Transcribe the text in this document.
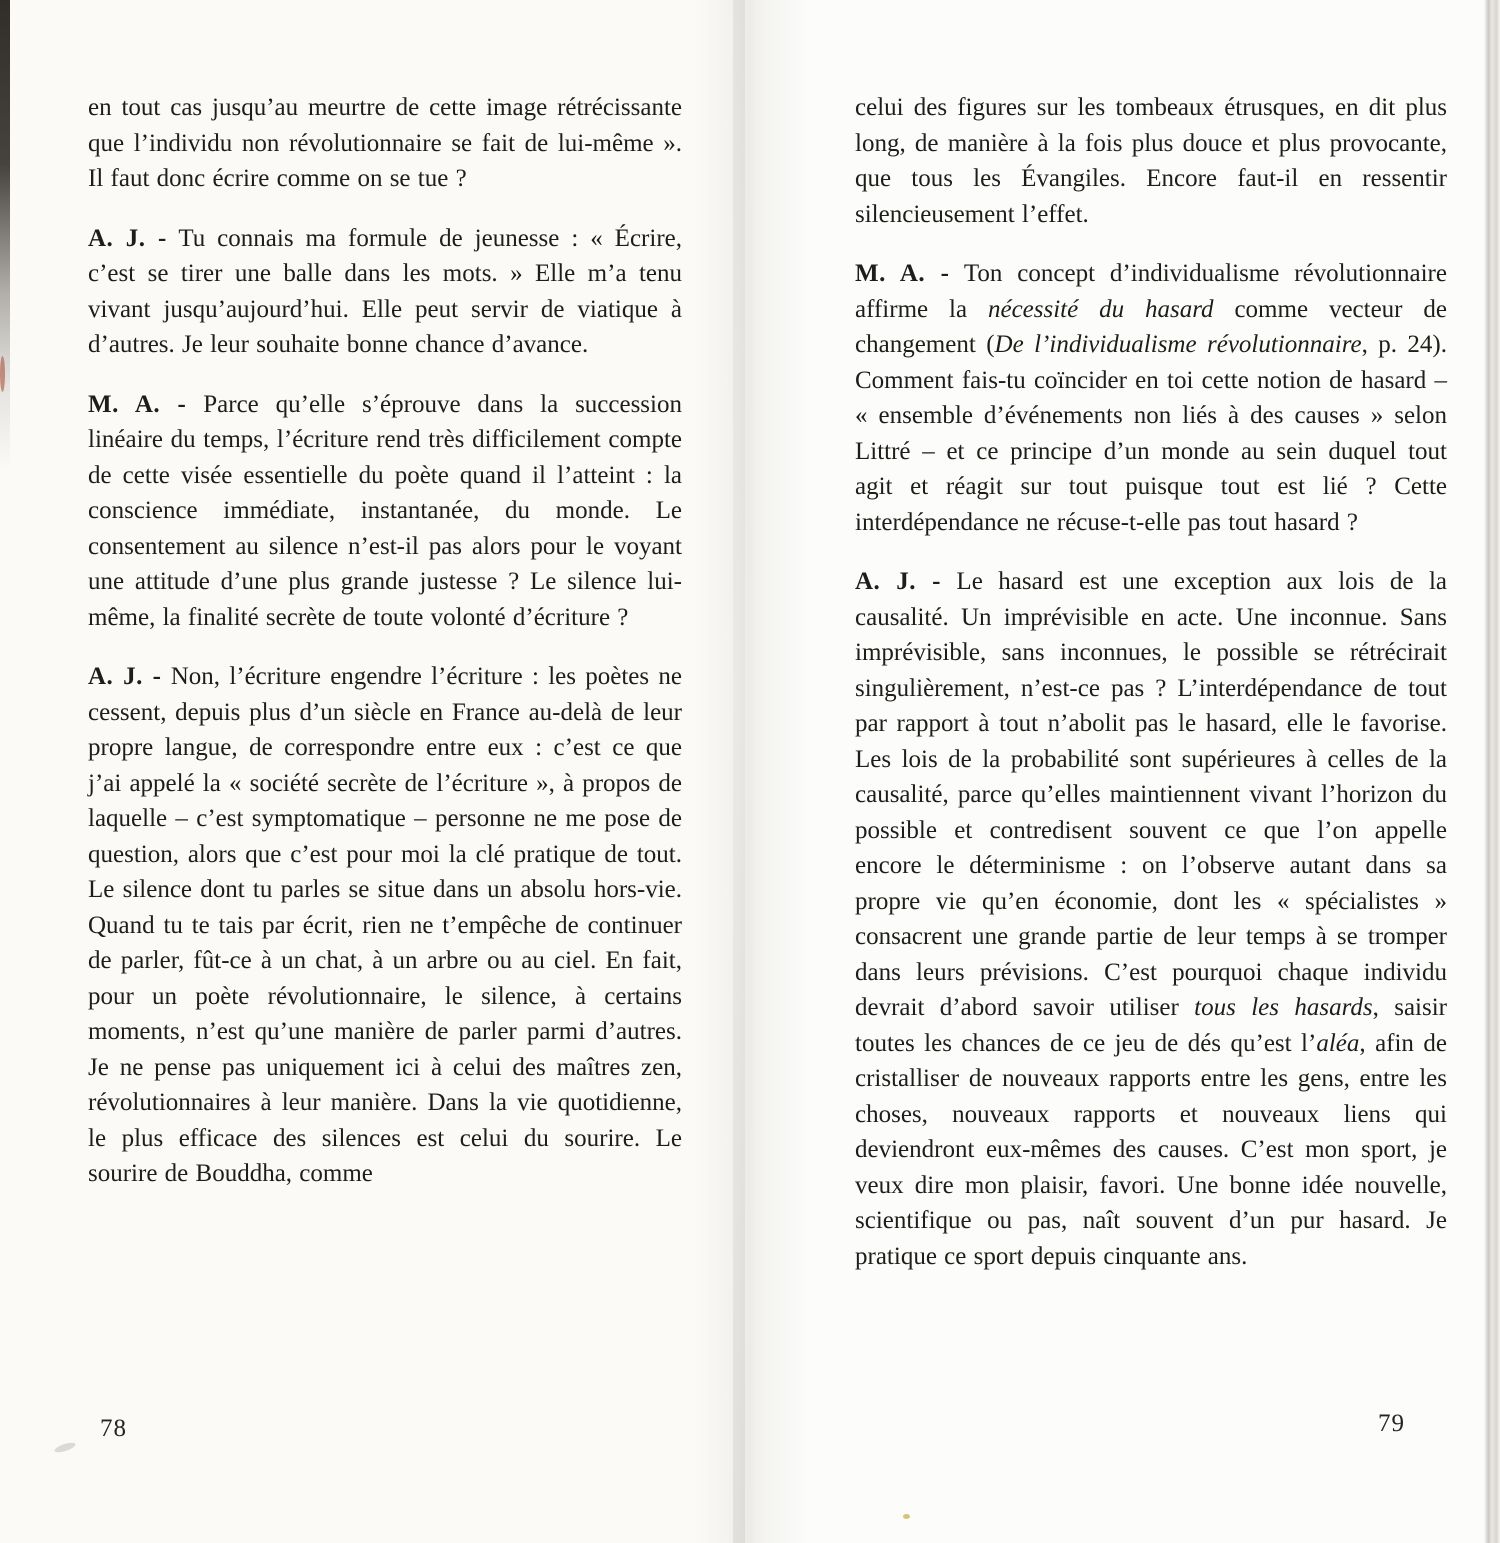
en tout cas jusqu’au meurtre de cette image rétrécissante que l’individu non révolutionnaire se fait de lui-même ». Il faut donc écrire comme on se tue ?

A. J. - Tu connais ma formule de jeunesse : « Écrire, c’est se tirer une balle dans les mots. » Elle m’a tenu vivant jusqu’aujourd’hui. Elle peut servir de viatique à d’autres. Je leur souhaite bonne chance d’avance.

M. A. - Parce qu’elle s’éprouve dans la succession linéaire du temps, l’écriture rend très difficilement compte de cette visée essentielle du poète quand il l’atteint : la conscience immédiate, instantanée, du monde. Le consentement au silence n’est-il pas alors pour le voyant une attitude d’une plus grande justesse ? Le silence lui-même, la finalité secrète de toute volonté d’écriture ?

A. J. - Non, l’écriture engendre l’écriture : les poètes ne cessent, depuis plus d’un siècle en France au-delà de leur propre langue, de correspondre entre eux : c’est ce que j’ai appelé la « société secrète de l’écriture », à propos de laquelle – c’est symptomatique – personne ne me pose de question, alors que c’est pour moi la clé pratique de tout. Le silence dont tu parles se situe dans un absolu hors-vie. Quand tu te tais par écrit, rien ne t’empêche de continuer de parler, fût-ce à un chat, à un arbre ou au ciel. En fait, pour un poète révolutionnaire, le silence, à certains moments, n’est qu’une manière de parler parmi d’autres. Je ne pense pas uniquement ici à celui des maîtres zen, révolutionnaires à leur manière. Dans la vie quotidienne, le plus efficace des silences est celui du sourire. Le sourire de Bouddha, comme

78

celui des figures sur les tombeaux étrusques, en dit plus long, de manière à la fois plus douce et plus provocante, que tous les Évangiles. Encore faut-il en ressentir silencieusement l’effet.

M. A. - Ton concept d’individualisme révolutionnaire affirme la nécessité du hasard comme vecteur de changement (De l’individualisme révolutionnaire, p. 24). Comment fais-tu coïncider en toi cette notion de hasard – « ensemble d’événements non liés à des causes » selon Littré – et ce principe d’un monde au sein duquel tout agit et réagit sur tout puisque tout est lié ? Cette interdépendance ne récuse-t-elle pas tout hasard ?

A. J. - Le hasard est une exception aux lois de la causalité. Un imprévisible en acte. Une inconnue. Sans imprévisible, sans inconnues, le possible se rétrécirait singulièrement, n’est-ce pas ? L’interdépendance de tout par rapport à tout n’abolit pas le hasard, elle le favorise. Les lois de la probabilité sont supérieures à celles de la causalité, parce qu’elles maintiennent vivant l’horizon du possible et contredisent souvent ce que l’on appelle encore le déterminisme : on l’observe autant dans sa propre vie qu’en économie, dont les « spécialistes » consacrent une grande partie de leur temps à se tromper dans leurs prévisions. C’est pourquoi chaque individu devrait d’abord savoir utiliser tous les hasards, saisir toutes les chances de ce jeu de dés qu’est l’aléa, afin de cristalliser de nouveaux rapports entre les gens, entre les choses, nouveaux rapports et nouveaux liens qui deviendront eux-mêmes des causes. C’est mon sport, je veux dire mon plaisir, favori. Une bonne idée nouvelle, scientifique ou pas, naît souvent d’un pur hasard. Je pratique ce sport depuis cinquante ans.

79
